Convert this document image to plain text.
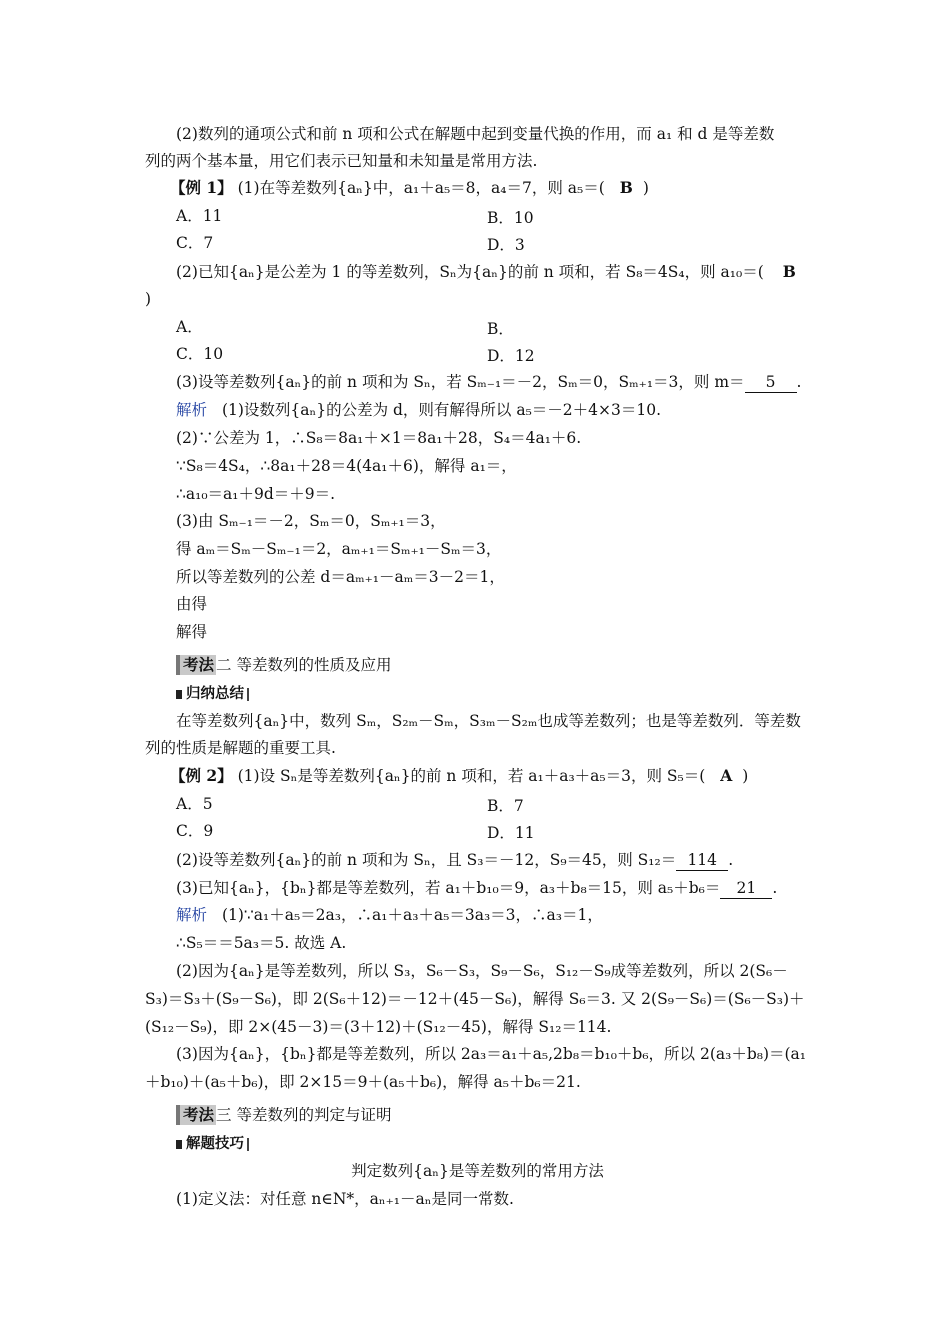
(2)数列的通项公式和前 n 项和公式在解题中起到变量代换的作用，而 a₁ 和 d 是等差数
列的两个基本量，用它们表示已知量和未知量是常用方法.
【例 1】 (1)在等差数列{aₙ}中，a₁＋a₅＝8，a₄＝7，则 a₅＝( B )
A．11	B．10
C．7	D．3
(2)已知{aₙ}是公差为 1 的等差数列，Sₙ为{aₙ}的前 n 项和，若 S₈＝4S₄，则 a₁₀＝( B
)
A．	B．
C．10	D．12
(3)设等差数列{aₙ}的前 n 项和为 Sₙ，若 Sₘ₋₁＝－2，Sₘ＝0，Sₘ₊₁＝3，则 m＝ 5 .
解析 (1)设数列{aₙ}的公差为 d，则有解得所以 a₅＝－2＋4×3＝10.
(2)∵公差为 1，∴S₈＝8a₁＋×1＝8a₁＋28，S₄＝4a₁＋6.
∵S₈＝4S₄，∴8a₁＋28＝4(4a₁＋6)，解得 a₁＝，
∴a₁₀＝a₁＋9d＝＋9＝.
(3)由 Sₘ₋₁＝－2，Sₘ＝0，Sₘ₊₁＝3，
得 aₘ＝Sₘ－Sₘ₋₁＝2，aₘ₊₁＝Sₘ₊₁－Sₘ＝3，
所以等差数列的公差 d＝aₘ₊₁－aₘ＝3－2＝1，
由得
解得
考法 二 等差数列的性质及应用
归纳总结
在等差数列{aₙ}中，数列 Sₘ，S₂ₘ－Sₘ，S₃ₘ－S₂ₘ也成等差数列；也是等差数列．等差数
列的性质是解题的重要工具.
【例 2】 (1)设 Sₙ是等差数列{aₙ}的前 n 项和，若 a₁＋a₃＋a₅＝3，则 S₅＝( A )
A．5	B．7
C．9	D．11
(2)设等差数列{aₙ}的前 n 项和为 Sₙ，且 S₃＝－12，S₉＝45，则 S₁₂＝ 114 .
(3)已知{aₙ}，{bₙ}都是等差数列，若 a₁＋b₁₀＝9，a₃＋b₈＝15，则 a₅＋b₆＝ 21 .
解析 (1)∵a₁＋a₅＝2a₃，∴a₁＋a₃＋a₅＝3a₃＝3，∴a₃＝1，
∴S₅＝＝5a₃＝5. 故选 A.
(2)因为{aₙ}是等差数列，所以 S₃，S₆－S₃，S₉－S₆，S₁₂－S₉成等差数列，所以 2(S₆－
S₃)＝S₃＋(S₉－S₆)，即 2(S₆＋12)＝－12＋(45－S₆)，解得 S₆＝3. 又 2(S₉－S₆)＝(S₆－S₃)＋
(S₁₂－S₉)，即 2×(45－3)＝(3＋12)＋(S₁₂－45)，解得 S₁₂＝114.
(3)因为{aₙ}，{bₙ}都是等差数列，所以 2a₃＝a₁＋a₅,2b₈＝b₁₀＋b₆，所以 2(a₃＋b₈)＝(a₁
＋b₁₀)＋(a₅＋b₆)，即 2×15＝9＋(a₅＋b₆)，解得 a₅＋b₆＝21.
考法 三 等差数列的判定与证明
解题技巧
判定数列{aₙ}是等差数列的常用方法
(1)定义法：对任意 n∈N*，aₙ₊₁－aₙ是同一常数.
